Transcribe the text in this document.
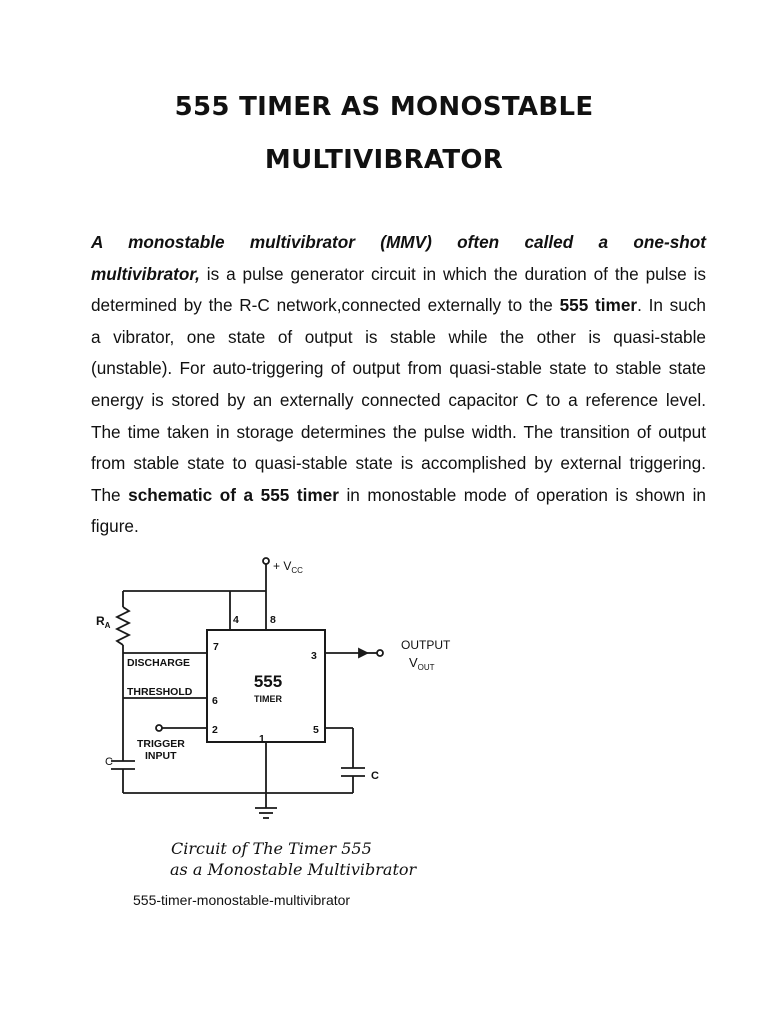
555 TIMER AS MONOSTABLE
MULTIVIBRATOR
A monostable multivibrator (MMV) often called a one-shot
multivibrator, is a pulse generator circuit in which the duration of the pulse is
determined by the R-C network,connected externally to the 555 timer. In such
a vibrator, one state of output is stable while the other is quasi-stable
(unstable). For auto-triggering of output from quasi-stable state to stable state
energy is stored by an externally connected capacitor C to a reference level.
The time taken in storage determines the pulse width. The transition of output
from stable state to quasi-stable state is accomplished by external triggering.
The schematic of a 555 timer in monostable mode of operation is shown in
figure.
+ $V_{CC}$
$R_A$	4	8
7
3
6
2	5
1
555
TIMER
DISCHARGE
THRESHOLD
TRIGGER
INPUT
OUTPUT
$V_{OUT}$
C
C
Circuit of The Timer 555
as a Monostable Multivibrator
555-timer-monostable-multivibrator
